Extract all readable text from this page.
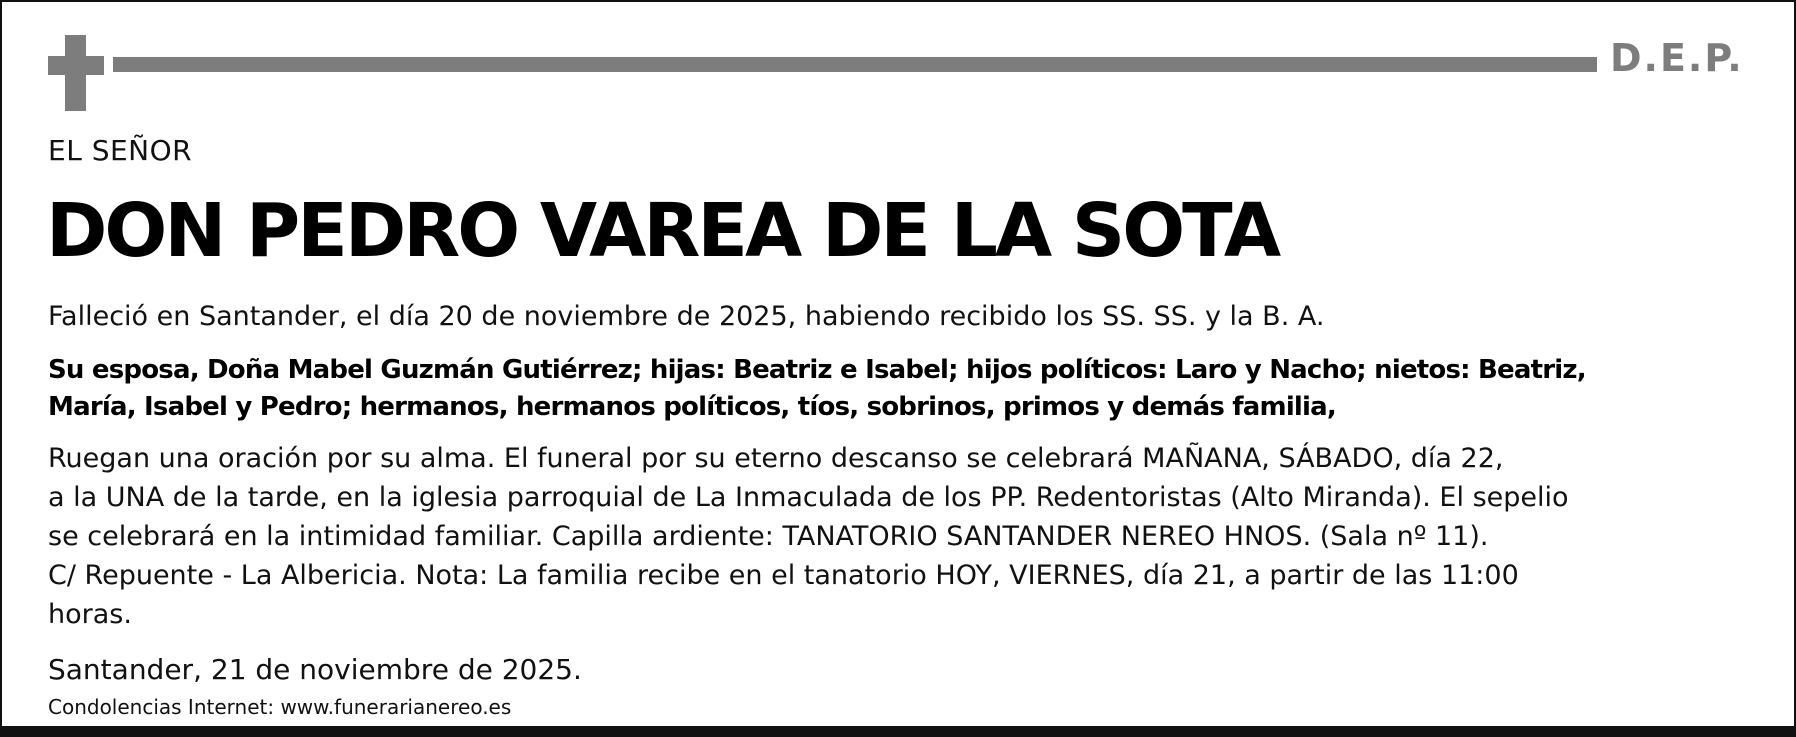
D.E.P.
EL SEÑOR
DON PEDRO VAREA DE LA SOTA
Falleció en Santander, el día 20 de noviembre de 2025, habiendo recibido los SS. SS. y la B. A.
Su esposa, Doña Mabel Guzmán Gutiérrez; hijas: Beatriz e Isabel; hijos políticos: Laro y Nacho; nietos: Beatriz,
María, Isabel y Pedro; hermanos, hermanos políticos, tíos, sobrinos, primos y demás familia,
Ruegan una oración por su alma. El funeral por su eterno descanso se celebrará MAÑANA, SÁBADO, día 22,
a la UNA de la tarde, en la iglesia parroquial de La Inmaculada de los PP. Redentoristas (Alto Miranda). El sepelio
se celebrará en la intimidad familiar. Capilla ardiente: TANATORIO SANTANDER NEREO HNOS. (Sala nº 11).
C/ Repuente - La Albericia. Nota: La familia recibe en el tanatorio HOY, VIERNES, día 21, a partir de las 11:00
horas.
Santander, 21 de noviembre de 2025.
Condolencias Internet: www.funerarianereo.es
